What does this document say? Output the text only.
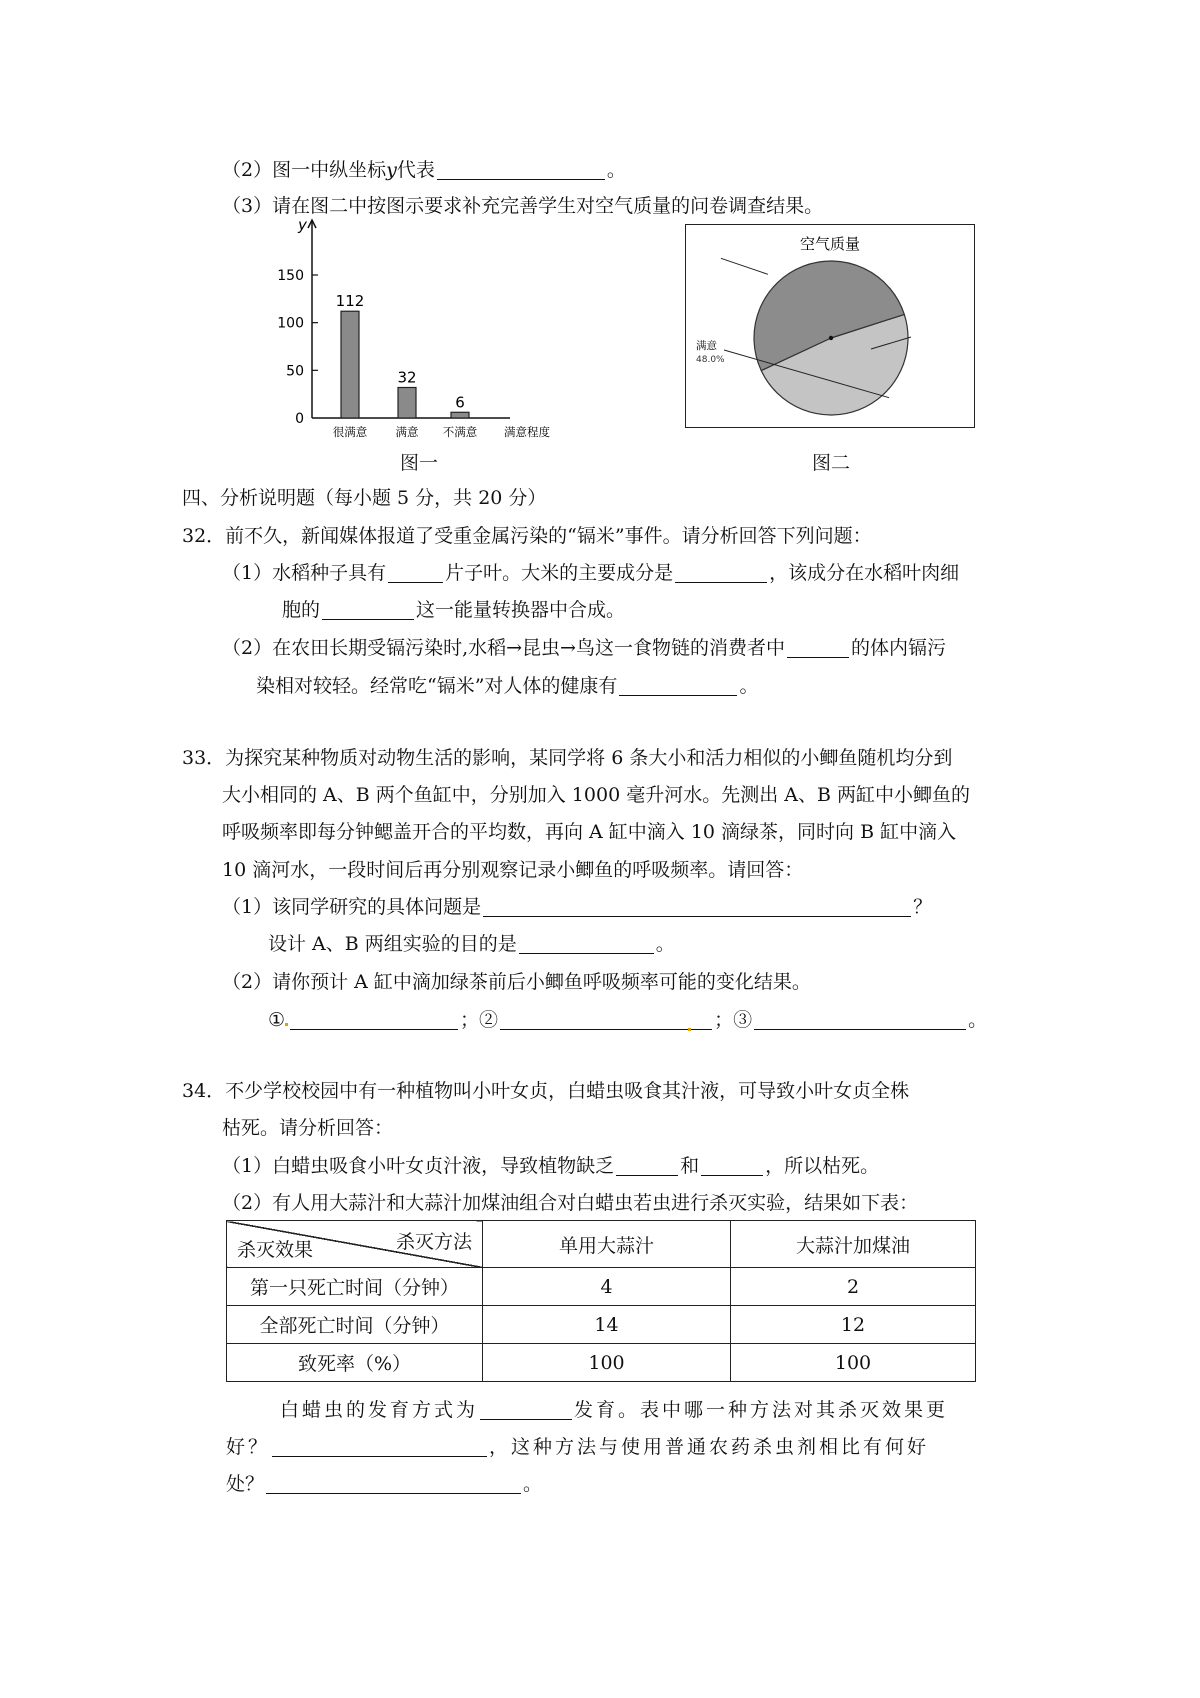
（2）图一中纵坐标y代表	。
（3）请在图二中按图示要求补充完善学生对空气质量的问卷调查结果。
y
0
50
100
150
112
很满意
32
满意
6
不满意 满意程度
图一
空气质量
满意
48.0%
图二
四、分析说明题（每小题 5 分，共 20 分）
32．前不久，新闻媒体报道了受重金属污染的“镉米”事件。请分析回答下列问题：
（1）水稻种子具有	片子叶。大米的主要成分是	，该成分在水稻叶肉细
胞的	这一能量转换器中合成。
（2）在农田长期受镉污染时,水稻→昆虫→鸟这一食物链的消费者中	的体内镉污
染相对较轻。经常吃“镉米”对人体的健康有	。
33．为探究某种物质对动物生活的影响，某同学将 6 条大小和活力相似的小鲫鱼随机均分到
大小相同的 A、B 两个鱼缸中，分别加入 1000 毫升河水。先测出 A、B 两缸中小鲫鱼的
呼吸频率即每分钟鳃盖开合的平均数，再向 A 缸中滴入 10 滴绿茶，同时向 B 缸中滴入
10 滴河水，一段时间后再分别观察记录小鲫鱼的呼吸频率。请回答：
（1）该同学研究的具体问题是	？
设计 A、B 两组实验的目的是	。
（2）请你预计 A 缸中滴加绿茶前后小鲫鱼呼吸频率可能的变化结果。
①	；②	；③	。
34．不少学校校园中有一种植物叫小叶女贞，白蜡虫吸食其汁液，可导致小叶女贞全株
枯死。请分析回答：
（1）白蜡虫吸食小叶女贞汁液，导致植物缺乏	和	，所以枯死。
（2）有人用大蒜汁和大蒜汁加煤油组合对白蜡虫若虫进行杀灭实验，结果如下表：
杀灭方法
杀灭效果	单用大蒜汁	大蒜汁加煤油
第一只死亡时间（分钟）	4	2
全部死亡时间（分钟）	14	12
致死率（%）	100	100
白蜡虫的发育方式为	发育。表中哪一种方法对其杀灭效果更
好？	，这种方法与使用普通农药杀虫剂相比有何好
处？	。
